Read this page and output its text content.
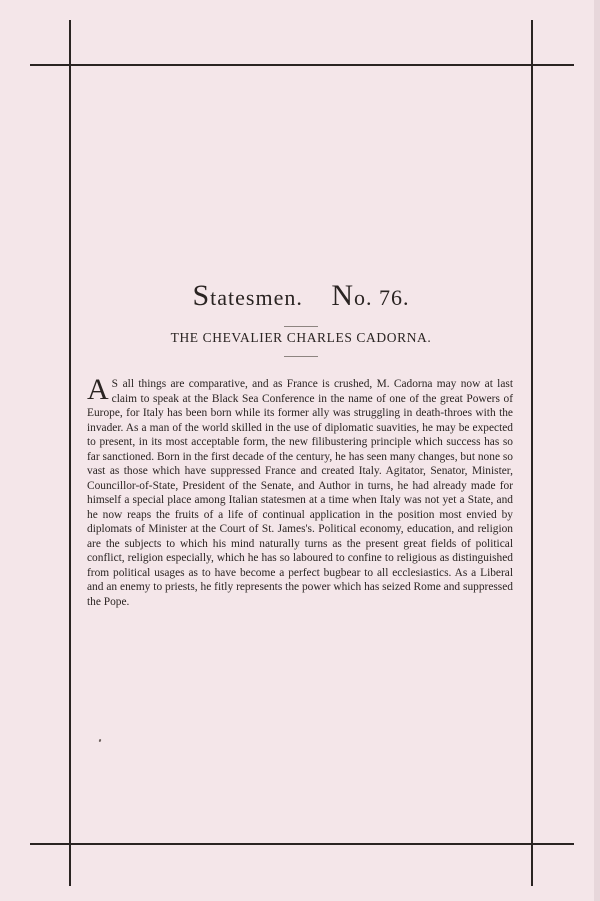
Statesmen. No. 76.
THE CHEVALIER CHARLES CADORNA.
A S all things are comparative, and as France is crushed, M. Cadorna may now at last claim to speak at the Black Sea Conference in the name of one of the great Powers of Europe, for Italy has been born while its former ally was struggling in death-throes with the invader. As a man of the world skilled in the use of diplomatic suavities, he may be expected to present, in its most acceptable form, the new filibustering principle which success has so far sanctioned. Born in the first decade of the century, he has seen many changes, but none so vast as those which have suppressed France and created Italy. Agitator, Senator, Minister, Councillor-of-State, President of the Senate, and Author in turns, he had already made for himself a special place among Italian statesmen at a time when Italy was not yet a State, and he now reaps the fruits of a life of continual application in the position most envied by diplomats of Minister at the Court of St. James's. Political economy, education, and religion are the subjects to which his mind naturally turns as the present great fields of political conflict, religion especially, which he has so laboured to confine to religious as distinguished from political usages as to have become a perfect bugbear to all ecclesiastics. As a Liberal and an enemy to priests, he fitly represents the power which has seized Rome and suppressed the Pope.
